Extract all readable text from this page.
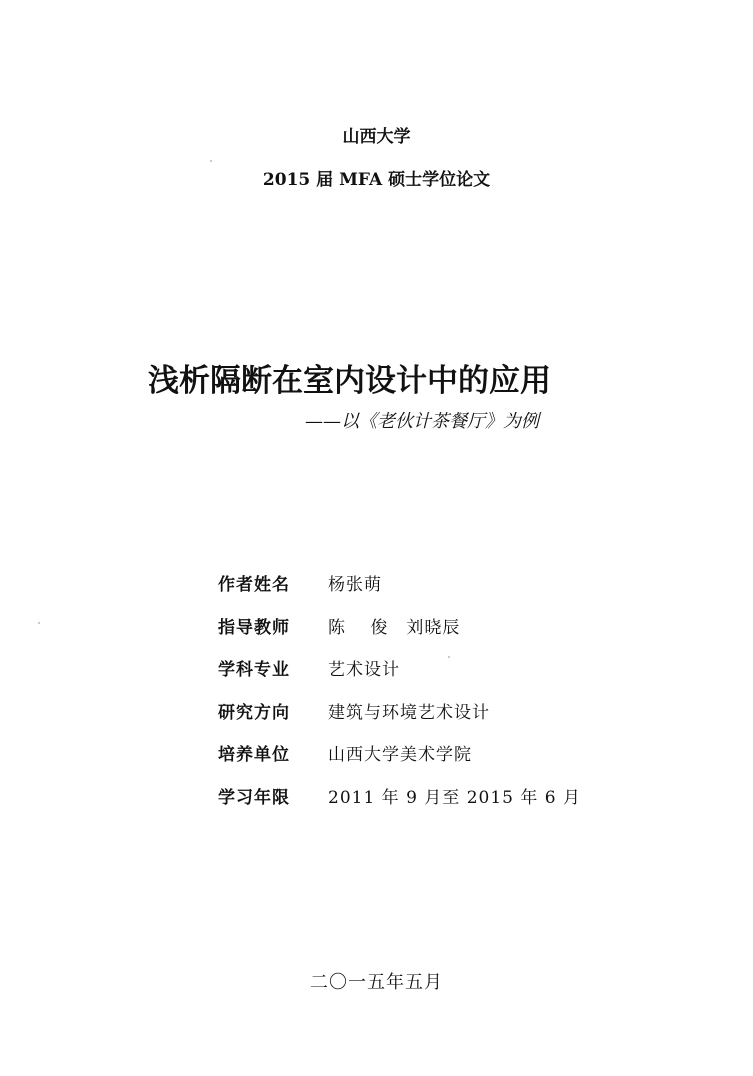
山西大学
2015 届 MFA 硕士学位论文
浅析隔断在室内设计中的应用
——以《老伙计茶餐厅》为例
作者姓名	杨张萌
指导教师	陈　 俊　刘晓辰
学科专业	艺术设计
研究方向	建筑与环境艺术设计
培养单位	山西大学美术学院
学习年限	2011 年 9 月至 2015 年 6 月
二〇一五年五月
